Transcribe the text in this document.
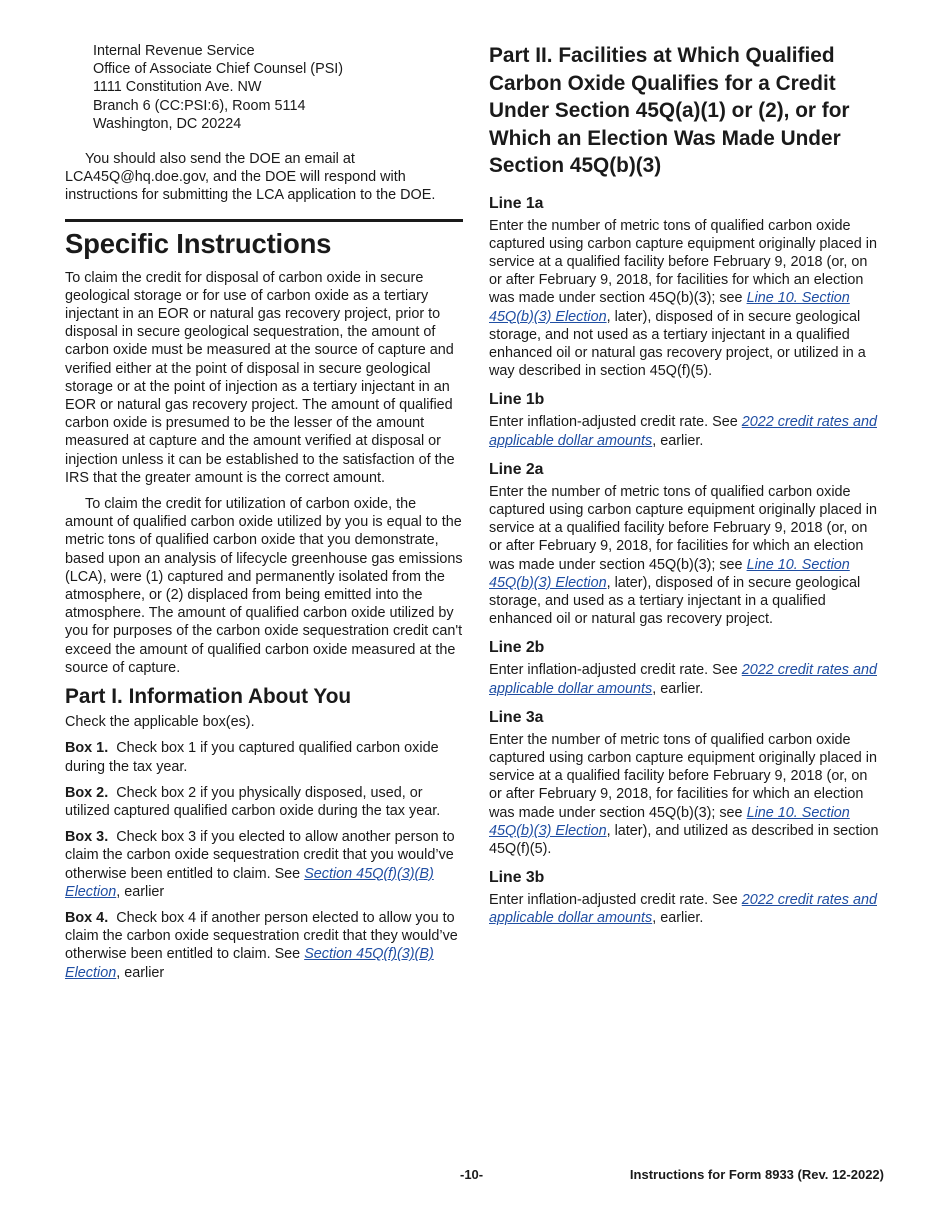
Internal Revenue Service
Office of Associate Chief Counsel (PSI)
1111 Constitution Ave. NW
Branch 6 (CC:PSI:6), Room 5114
Washington, DC 20224

You should also send the DOE an email at LCA45Q@hq.doe.gov, and the DOE will respond with instructions for submitting the LCA application to the DOE.

Specific Instructions

To claim the credit for disposal of carbon oxide in secure geological storage or for use of carbon oxide as a tertiary injectant in an EOR or natural gas recovery project, prior to disposal in secure geological sequestration, the amount of carbon oxide must be measured at the source of capture and verified either at the point of disposal in secure geological storage or at the point of injection as a tertiary injectant in an EOR or natural gas recovery project. The amount of qualified carbon oxide is presumed to be the lesser of the amount measured at capture and the amount verified at disposal or injection unless it can be established to the satisfaction of the IRS that the greater amount is the correct amount.

To claim the credit for utilization of carbon oxide, the amount of qualified carbon oxide utilized by you is equal to the metric tons of qualified carbon oxide that you demonstrate, based upon an analysis of lifecycle greenhouse gas emissions (LCA), were (1) captured and permanently isolated from the atmosphere, or (2) displaced from being emitted into the atmosphere. The amount of qualified carbon oxide utilized by you for purposes of the carbon oxide sequestration credit can't exceed the amount of qualified carbon oxide measured at the source of capture.

Part I. Information About You

Check the applicable box(es).

Box 1. Check box 1 if you captured qualified carbon oxide during the tax year.

Box 2. Check box 2 if you physically disposed, used, or utilized captured qualified carbon oxide during the tax year.

Box 3. Check box 3 if you elected to allow another person to claim the carbon oxide sequestration credit that you would’ve otherwise been entitled to claim. See Section 45Q(f)(3)(B) Election, earlier

Box 4. Check box 4 if another person elected to allow you to claim the carbon oxide sequestration credit that they would’ve otherwise been entitled to claim. See Section 45Q(f)(3)(B) Election, earlier

Part II. Facilities at Which Qualified Carbon Oxide Qualifies for a Credit Under Section 45Q(a)(1) or (2), or for Which an Election Was Made Under Section 45Q(b)(3)
Line 1a

Enter the number of metric tons of qualified carbon oxide captured using carbon capture equipment originally placed in service at a qualified facility before February 9, 2018 (or, on or after February 9, 2018, for facilities for which an election was made under section 45Q(b)(3); see Line 10. Section 45Q(b)(3) Election, later), disposed of in secure geological storage, and not used as a tertiary injectant in a qualified enhanced oil or natural gas recovery project, or utilized in a way described in section 45Q(f)(5).

Line 1b

Enter inflation-adjusted credit rate. See 2022 credit rates and applicable dollar amounts, earlier.

Line 2a

Enter the number of metric tons of qualified carbon oxide captured using carbon capture equipment originally placed in service at a qualified facility before February 9, 2018 (or, on or after February 9, 2018, for facilities for which an election was made under section 45Q(b)(3); see Line 10. Section 45Q(b)(3) Election, later), disposed of in secure geological storage, and used as a tertiary injectant in a qualified enhanced oil or natural gas recovery project.

Line 2b

Enter inflation-adjusted credit rate. See 2022 credit rates and applicable dollar amounts, earlier.

Line 3a

Enter the number of metric tons of qualified carbon oxide captured using carbon capture equipment originally placed in service at a qualified facility before February 9, 2018 (or, on or after February 9, 2018, for facilities for which an election was made under section 45Q(b)(3); see Line 10. Section 45Q(b)(3) Election, later), and utilized as described in section 45Q(f)(5).

Line 3b

Enter inflation-adjusted credit rate. See 2022 credit rates and applicable dollar amounts, earlier.

-10-	Instructions for Form 8933 (Rev. 12-2022)
